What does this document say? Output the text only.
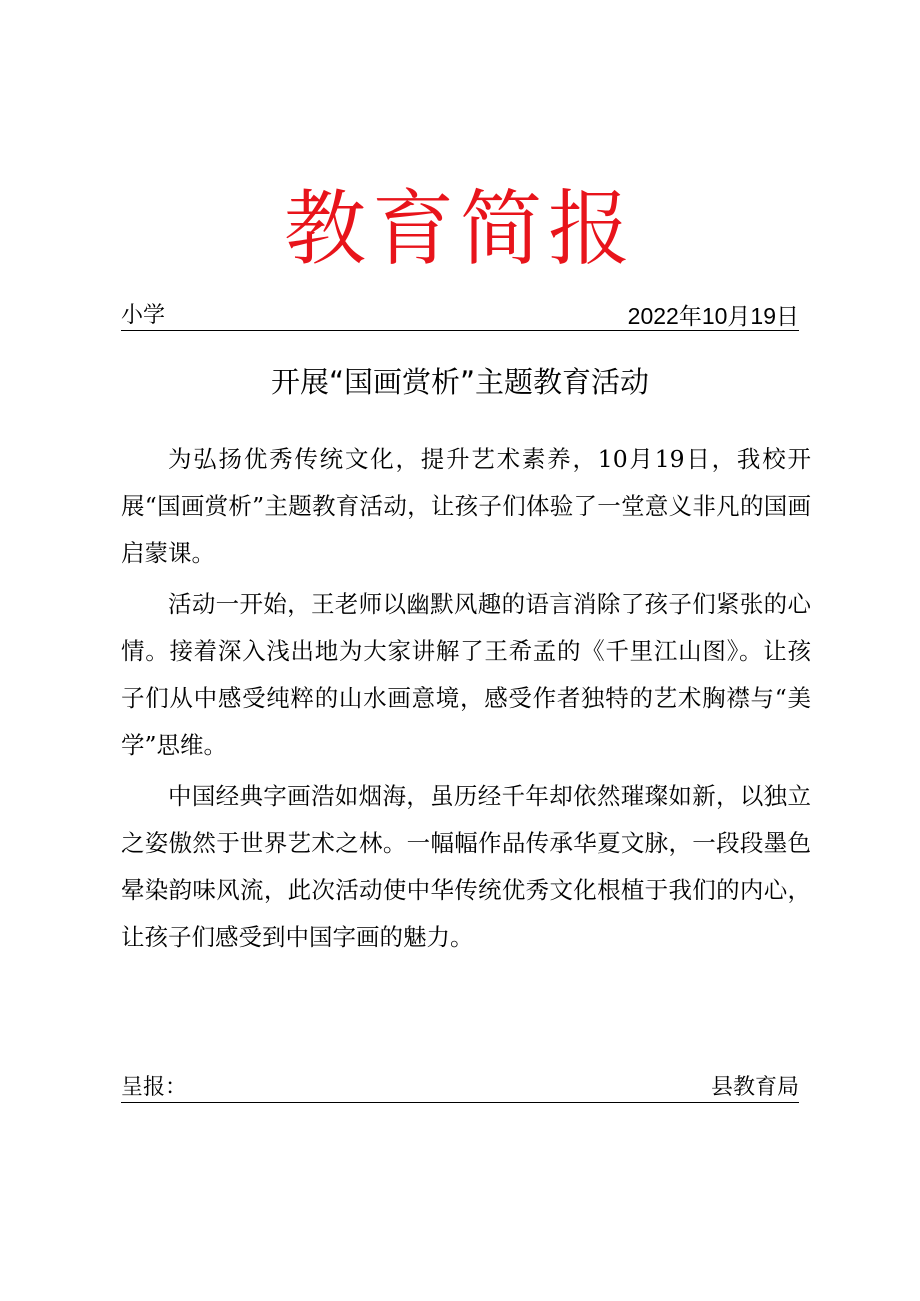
教育简报
小学	2022年10月19日
开展“国画赏析”主题教育活动

为弘扬优秀传统文化，提升艺术素养，10月19日，我校开展“国画赏析”主题教育活动，让孩子们体验了一堂意义非凡的国画启蒙课。

活动一开始，王老师以幽默风趣的语言消除了孩子们紧张的心情。接着深入浅出地为大家讲解了王希孟的《千里江山图》。让孩子们从中感受纯粹的山水画意境，感受作者独特的艺术胸襟与“美学”思维。

中国经典字画浩如烟海，虽历经千年却依然璀璨如新，以独立之姿傲然于世界艺术之林。一幅幅作品传承华夏文脉，一段段墨色晕染韵味风流，此次活动使中华传统优秀文化根植于我们的内心，让孩子们感受到中国字画的魅力。

呈报：	县教育局
